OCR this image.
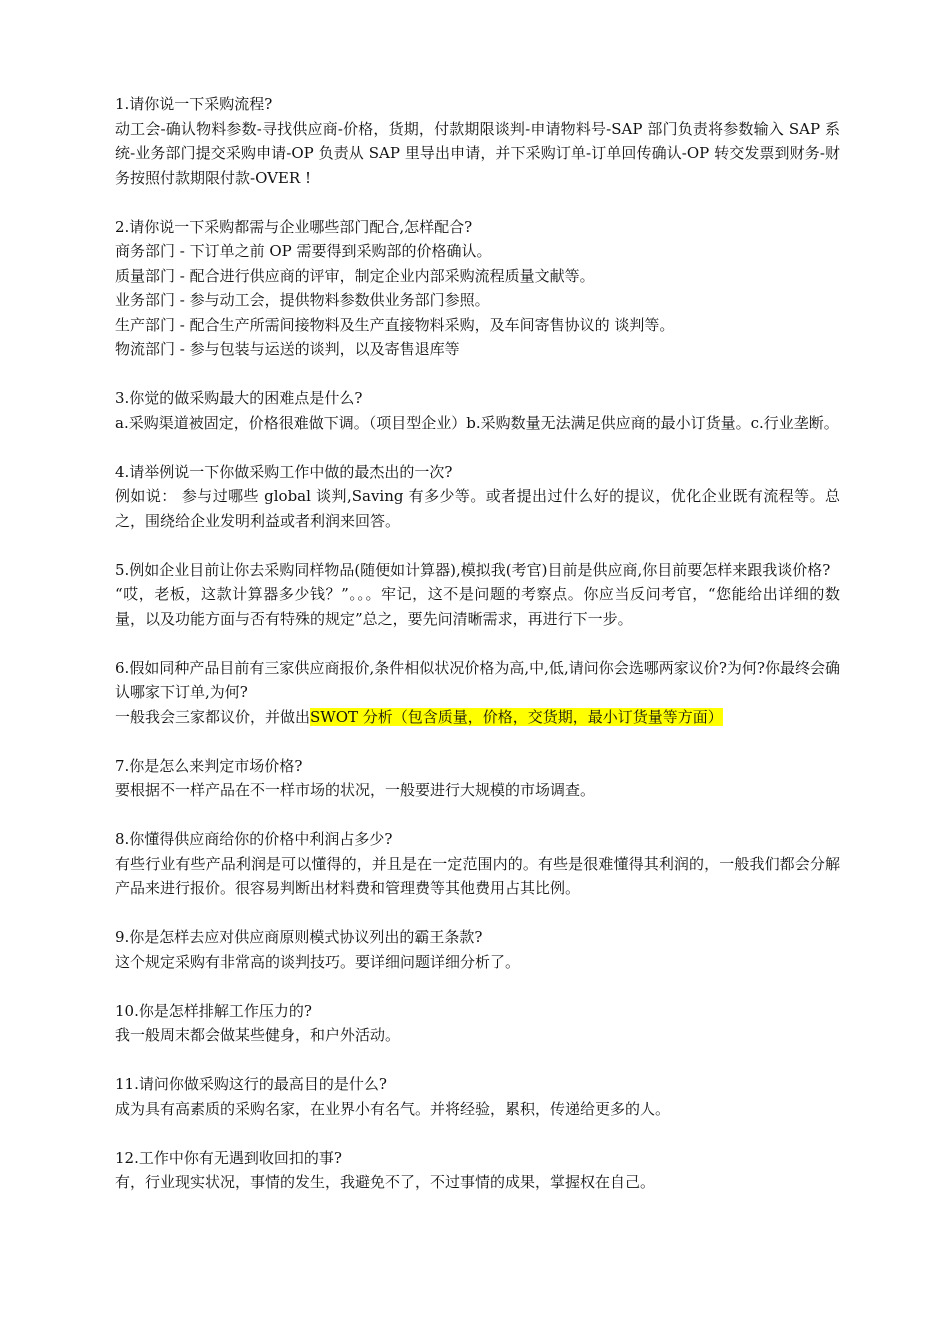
1.请你说一下采购流程?

动工会-确认物料参数-寻找供应商-价格，货期，付款期限谈判-申请物料号-SAP 部门负责将参数输入 SAP 系统-业务部门提交采购申请-OP 负责从 SAP 里导出申请，并下采购订单-订单回传确认-OP 转交发票到财务-财务按照付款期限付款-OVER !

2.请你说一下采购都需与企业哪些部门配合,怎样配合?

商务部门 - 下订单之前 OP 需要得到采购部的价格确认。

质量部门 - 配合进行供应商的评审，制定企业内部采购流程质量文献等。

业务部门 - 参与动工会，提供物料参数供业务部门参照。

生产部门 - 配合生产所需间接物料及生产直接物料采购，及车间寄售协议的 谈判等。

物流部门 - 参与包装与运送的谈判，以及寄售退库等

3.你觉的做采购最大的困难点是什么?

a.采购渠道被固定，价格很难做下调。（项目型企业）b.采购数量无法满足供应商的最小订货量。c.行业垄断。

4.请举例说一下你做采购工作中做的最杰出的一次?

例如说： 参与过哪些 global 谈判,Saving 有多少等。或者提出过什么好的提议，优化企业既有流程等。总之，围绕给企业发明利益或者利润来回答。

5.例如企业目前让你去采购同样物品(随便如计算器),模拟我(考官)目前是供应商,你目前要怎样来跟我谈价格?

“哎，老板，这款计算器多少钱？”。。。牢记，这不是问题的考察点。你应当反问考官，“您能给出详细的数量，以及功能方面与否有特殊的规定”总之，要先问清晰需求，再进行下一步。

6.假如同种产品目前有三家供应商报价,条件相似状况价格为高,中,低,请问你会选哪两家议价?为何?你最终会确认哪家下订单,为何?

一般我会三家都议价，并做出SWOT 分析（包含质量，价格，交货期，最小订货量等方面）

7.你是怎么来判定市场价格?

要根据不一样产品在不一样市场的状况，一般要进行大规模的市场调查。

8.你懂得供应商给你的价格中利润占多少?

有些行业有些产品利润是可以懂得的，并且是在一定范围内的。有些是很难懂得其利润的，一般我们都会分解产品来进行报价。很容易判断出材料费和管理费等其他费用占其比例。

9.你是怎样去应对供应商原则模式协议列出的霸王条款?

这个规定采购有非常高的谈判技巧。要详细问题详细分析了。

10.你是怎样排解工作压力的?

我一般周末都会做某些健身，和户外活动。

11.请问你做采购这行的最高目的是什么?

成为具有高素质的采购名家，在业界小有名气。并将经验，累积，传递给更多的人。

12.工作中你有无遇到收回扣的事?

有，行业现实状况，事情的发生，我避免不了，不过事情的成果，掌握权在自己。
